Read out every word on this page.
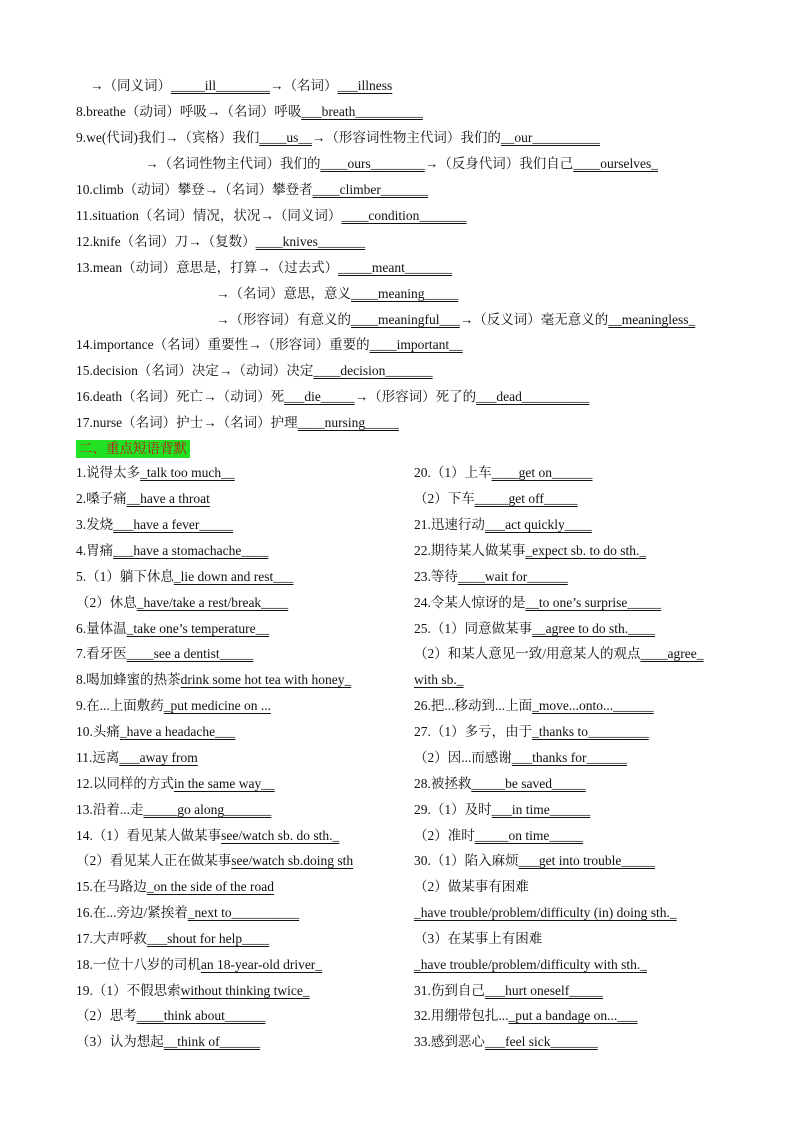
→（同义词）_____ill________→（名词）___illness
8.breathe（动词）呼吸→（名词）呼吸___breath__________
9.we(代词)我们→（宾格）我们____us__→（形容词性物主代词）我们的__our__________
→（名词性物主代词）我们的____ours________→（反身代词）我们自己____ourselves_
10.climb（动词）攀登→（名词）攀登者____climber_______
11.situation（名词）情况，状况→（同义词）____condition_______
12.knife（名词）刀→（复数）____knives_______
13.mean（动词）意思是，打算→（过去式）_____meant_______
→（名词）意思，意义____meaning_____
→（形容词）有意义的____meaningful___→（反义词）毫无意义的__meaningless_
14.importance（名词）重要性→（形容词）重要的____important__
15.decision（名词）决定→（动词）决定____decision_______
16.death（名词）死亡→（动词）死___die_____→（形容词）死了的___dead__________
17.nurse（名词）护士→（名词）护理____nursing_____
二、重点短语背默
1.说得太多_talk too much__
2.嗓子痛__have a throat
3.发烧___have a fever_____
4.胃痛___have a stomachache____
5.（1）躺下休息_lie down and rest___
（2）休息_have/take a rest/break____
6.量体温_take one’s temperature__
7.看牙医____see a dentist_____
8.喝加蜂蜜的热茶drink some hot tea with honey_
9.在...上面敷药_put medicine on ...
10.头痛_have a headache___
11.远离___away from
12.以同样的方式in the same way__
13.沿着...走_____go along_______
14.（1）看见某人做某事see/watch sb. do sth._
（2）看见某人正在做某事see/watch sb.doing sth
15.在马路边_on the side of the road
16.在...旁边/紧挨着_next to__________
17.大声呼救___shout for help____
18.一位十八岁的司机an 18-year-old driver_
19.（1）不假思索without thinking twice_
（2）思考____think about______
（3）认为想起__think of______
20.（1）上车____get on______
（2）下车_____get off_____
21.迅速行动___act quickly____
22.期待某人做某事_expect sb. to do sth._
23.等待____wait for______
24.令某人惊讶的是__to one’s surprise_____
25.（1）同意做某事__agree to do sth.____
（2）和某人意见一致/用意某人的观点____agree_
with sb._
26.把...移动到...上面_move...onto...______
27.（1）多亏，由于_thanks to_________
（2）因...而感谢___thanks for______
28.被拯救_____be saved_____
29.（1）及时___in time______
（2）准时_____on time_____
30.（1）陷入麻烦___get into trouble_____
（2）做某事有困难
_have trouble/problem/difficulty (in) doing sth._
（3）在某事上有困难
_have trouble/problem/difficulty with sth._
31.伤到自己___hurt oneself_____
32.用绷带包扎..._put a bandage on...___
33.感到恶心___feel sick_______
